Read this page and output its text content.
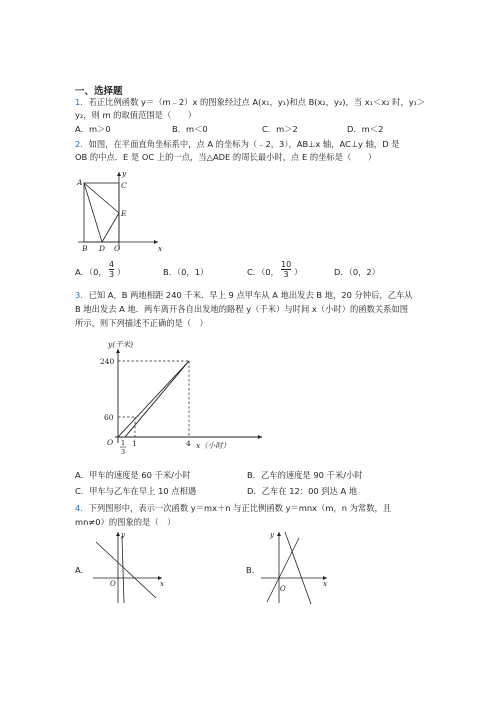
一、选择题
1．若正比例函数 y＝（m﹣2）x 的图象经过点 A(x₁，y₁)和点 B(x₂，y₂)，当 x₁＜x₂ 时，y₁＞
y₂，则 m 的取值范围是（　　）
A．m＞0	B．m＜0	C．m＞2	D．m＜2
2．如图，在平面直角坐标系中，点 A 的坐标为（﹣2，3），AB⊥x 轴，AC⊥y 轴，D 是
OB 的中点．E 是 OC 上的一点，当△ADE 的周长最小时，点 E 的坐标是（　　）
A
B
C
D
E
O	x
y
A．（0，
4
3 ）	B．（0，1）	C．（0，
10
3 ）	D．（0，2）
3．已知 A，B 两地相距 240 千米．早上 9 点甲车从 A 地出发去 B 地，20 分钟后，乙车从
B 地出发去 A 地．两车离开各自出发地的路程 y（千米）与时间 x（小时）的函数关系如图
所示，则下列描述不正确的是（　）
y(千米)
240
60
O	1	4 x（小时）
1
3
A．甲车的速度是 60 千米/小时	B．乙车的速度是 90 千米/小时
C．甲车与乙车在早上 10 点相遇	D．乙车在 12：00 到达 A 地
4．下列图形中，表示一次函数 y＝mx＋n 与正比例函数 y＝mnx（m，n 为常数，且
mn≠0）的图象的是（　）
A．
y
x
O
B．
y
x
O
